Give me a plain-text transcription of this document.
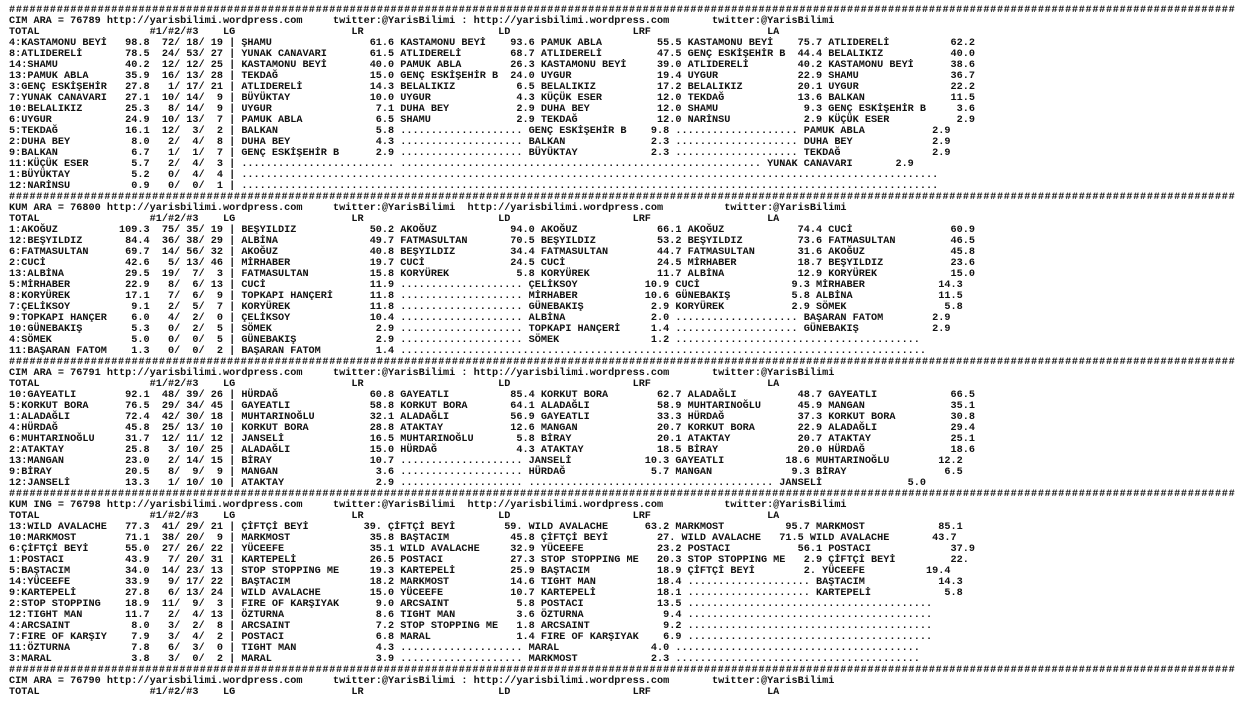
####################################################################################################################################################################################
CIM ARA = 76789 http://yarisbilimi.wordpress.com     twitter:@YarisBilimi : http://yarisbilimi.wordpress.com       twitter:@YarisBilimi
TOTAL                  #1/#2/#3    LG                   LR                      LD                    LRF                   LA
4:KASTAMONU BEYİ   98.8  72/ 18/ 19 | ŞHAMU                61.6 KASTAMONU BEYİ    93.6 PAMUK ABLA         55.5 KASTAMONU BEYİ    75.7 ATLIDERELİ          62.2
8:ATLIDERELİ       78.5  24/ 53/ 27 | YUNAK CANAVARI       61.5 ATLIDERELİ        68.7 ATLIDERELİ         47.5 GENÇ ESKİŞEHİR B  44.4 BELALIKIZ           40.0
14:SHAMU           40.2  12/ 12/ 25 | KASTAMONU BEYİ       40.0 PAMUK ABLA        26.3 KASTAMONU BEYİ     39.0 ATLIDERELİ        40.2 KASTAMONU BEYİ      38.6
13:PAMUK ABLA      35.9  16/ 13/ 28 | TEKDAĞ               15.0 GENÇ ESKİŞEHİR B  24.0 UYGUR              19.4 UYGUR             22.9 SHAMU               36.7
3:GENÇ ESKİŞEHİR   27.8   1/ 17/ 21 | ATLIDERELİ           14.3 BELALIKIZ          6.5 BELALIKIZ          17.2 BELALIKIZ         20.1 UYGUR               22.2
7:YUNAK CANAVARI   27.1  10/ 14/  9 | BÜYÜKTAY             10.0 UYGUR              4.3 KÜÇÜK ESER         12.0 TEKDAĞ            13.6 BALKAN              11.5
10:BELALIKIZ       25.3   8/ 14/  9 | UYGUR                 7.1 DUHA BEY           2.9 DUHA BEY           12.0 SHAMU              9.3 GENÇ ESKİŞEHİR B     3.6
6:UYGUR            24.9  10/ 13/  7 | PAMUK ABLA            6.5 SHAMU              2.9 TEKDAĞ             12.0 NARİNSU            2.9 KÜÇÜK ESER           2.9
5:TEKDAĞ           16.1  12/  3/  2 | BALKAN                5.8 .................... GENÇ ESKİŞEHİR B    9.8 .................... PAMUK ABLA           2.9
2:DUHA BEY          8.0   2/  4/  8 | DUHA BEY              4.3 .................... BALKAN              2.3 .................... DUHA BEY             2.9
9:BALKAN            6.7   1/  1/  7 | GENÇ ESKİŞEHİR B      2.9 .................... BÜYÜKTAY            2.3 .................... TEKDAĞ               2.9
11:KÜÇÜK ESER       5.7   2/  4/  3 | ......................... ........................................................... YUNAK CANAVARI       2.9
1:BÜYÜKTAY          5.2   0/  4/  4 | ..................................................................................................................
12:NARİNSU          0.9   0/  0/  1 | ..................................................................................................................
####################################################################################################################################################################################
KUM ARA = 76800 http://yarisbilimi.wordpress.com     twitter:@YarisBilimi  http://yarisbilimi.wordpress.com          twitter:@YarisBilimi
TOTAL                  #1/#2/#3    LG                   LR                      LD                    LRF                   LA
1:AKOĞUZ          109.3  75/ 35/ 19 | BEŞYILDIZ            50.2 AKOĞUZ            94.0 AKOĞUZ             66.1 AKOĞUZ            74.4 CUCİ                60.9
12:BEŞYILDIZ       84.4  36/ 38/ 29 | ALBİNA               49.7 FATMASULTAN       70.5 BEŞYILDIZ          53.2 BEŞYILDIZ         73.6 FATMASULTAN         46.5
6:FATMASULTAN      69.7  14/ 56/ 32 | AKOĞUZ               40.8 BEŞYILDIZ         34.4 FATMASULTAN        44.7 FATMASULTAN       31.6 AKOĞUZ              45.8
2:CUCİ             42.6   5/ 13/ 46 | MİRHABER             19.7 CUCİ              24.5 CUCİ               24.5 MİRHABER          18.7 BEŞYILDIZ           23.6
13:ALBİNA          29.5  19/  7/  3 | FATMASULTAN          15.8 KORYÜREK           5.8 KORYÜREK           11.7 ALBİNA            12.9 KORYÜREK            15.0
5:MİRHABER         22.9   8/  6/ 13 | CUCİ                 11.9 .................... ÇELİKSOY           10.9 CUCİ               9.3 MİRHABER            14.3
8:KORYÜREK         17.1   7/  6/  9 | TOPKAPI HANÇERİ      11.8 .................... MİRHABER           10.6 GÜNEBAKIŞ          5.8 ALBİNA              11.5
7:ÇELİKSOY          9.1   2/  5/  7 | KORYÜREK             11.8 .................... GÜNEBAKIŞ           2.9 KORYÜREK           2.9 SÖMEK                5.8
9:TOPKAPI HANÇER    6.0   4/  2/  0 | ÇELİKSOY             10.4 .................... ALBİNA              2.0 .................... BAŞARAN FATOM        2.9
10:GÜNEBAKIŞ        5.3   0/  2/  5 | SÖMEK                 2.9 .................... TOPKAPI HANÇERİ     1.4 .................... GÜNEBAKIŞ            2.9
4:SÖMEK             5.0   0/  0/  5 | GÜNEBAKIŞ             2.9 .................... SÖMEK               1.2 ........................................
11:BAŞARAN FATOM    1.3   0/  0/  2 | BAŞARAN FATOM         1.4 ......................................................................................
####################################################################################################################################################################################
CIM ARA = 76791 http://yarisbilimi.wordpress.com     twitter:@YarisBilimi : http://yarisbilimi.wordpress.com       twitter:@YarisBilimi
TOTAL                  #1/#2/#3    LG                   LR                      LD                    LRF                   LA
10:GAYEATLI        92.1  48/ 39/ 26 | HÜRDAĞ               60.8 GAYEATLI          85.4 KORKUT BORA        62.7 ALADAĞLI          48.7 GAYEATLI            66.5
5:KORKUT BORA      76.5  29/ 34/ 45 | GAYEATLI             58.8 KORKUT BORA       64.1 ALADAĞLI           58.9 MUHTARINOĞLU      45.9 MANGAN              35.1
1:ALADAĞLI         72.4  42/ 30/ 18 | MUHTARINOĞLU         32.1 ALADAĞLI          56.9 GAYEATLI           33.3 HÜRDAĞ            37.3 KORKUT BORA         30.8
4:HÜRDAĞ           45.8  25/ 13/ 10 | KORKUT BORA          28.8 ATAKTAY           12.6 MANGAN             20.7 KORKUT BORA       22.9 ALADAĞLI            29.4
6:MUHTARINOĞLU     31.7  12/ 11/ 12 | JANSELİ              16.5 MUHTARINOĞLU       5.8 BİRAY              20.1 ATAKTAY           20.7 ATAKTAY             25.1
2:ATAKTAY          25.8   3/ 10/ 25 | ALADAĞLI             15.0 HÜRDAĞ             4.3 ATAKTAY            18.5 BİRAY             20.0 HÜRDAĞ              18.6
13:MANGAN          23.0   2/ 14/ 15 | BİRAY                10.7 .................... JANSELİ            10.3 GAYEATLI          18.6 MUHTARINOĞLU        12.2
9:BİRAY            20.5   8/  9/  9 | MANGAN                3.6 .................... HÜRDAĞ              5.7 MANGAN             9.3 BİRAY                6.5
12:JANSELİ         13.3   1/ 10/ 10 | ATAKTAY               2.9 .................... ........................................ JANSELİ              5.0
####################################################################################################################################################################################
KUM ING = 76798 http://yarisbilimi.wordpress.com     twitter:@YarisBilimi  http://yarisbilimi.wordpress.com          twitter:@YarisBilimi
TOTAL                  #1/#2/#3    LG                   LR                      LD                    LRF                   LA
13:WILD AVALACHE   77.3  41/ 29/ 21 | ÇİFTÇİ BEYİ         39. ÇİFTÇİ BEYİ        59. WILD AVALACHE      63.2 MARKMOST          95.7 MARKMOST            85.1
10:MARKMOST        71.1  38/ 20/  9 | MARKMOST             35.8 BAŞTACIM          45.8 ÇİFTÇİ BEYİ        27. WILD AVALACHE   71.5 WILD AVALACHE       43.7
6:ÇİFTÇİ BEYİ      55.0  27/ 26/ 22 | YÜCEEFE              35.1 WILD AVALACHE     32.9 YÜCEEFE            23.2 POSTACI           56.1 POSTACI             37.9
1:POSTACI          43.9   7/ 20/ 31 | KARTEPELİ            26.5 POSTACI           27.3 STOP STOPPING ME   20.3 STOP STOPPING ME   2.9 ÇİFTÇİ BEYİ         22.
5:BAŞTACIM         34.0  14/ 23/ 13 | STOP STOPPING ME     19.3 KARTEPELİ         25.9 BAŞTACIM           18.9 ÇİFTÇİ BEYİ        2. YÜCEEFE          19.4
14:YÜCEEFE         33.9   9/ 17/ 22 | BAŞTACIM             18.2 MARKMOST          14.6 TIGHT MAN          18.4 .................... BAŞTACIM            14.3
9:KARTEPELİ        27.8   6/ 13/ 24 | WILD AVALACHE        15.0 YÜCEEFE           10.7 KARTEPELİ          18.1 .................... KARTEPELİ            5.8
2:STOP STOPPING    18.9  11/  9/  3 | FIRE OF KARŞIYAK      9.0 ARCSAINT           5.8 POSTACI            13.5 ........................................
12:TIGHT MAN       11.7   2/  4/ 13 | ÖZTURNA               8.6 TIGHT MAN          3.6 ÖZTURNA             9.4 ........................................
4:ARCSAINT          8.0   3/  2/  8 | ARCSAINT              7.2 STOP STOPPING ME   1.8 ARCSAINT            9.2 ........................................
7:FIRE OF KARŞIY    7.9   3/  4/  2 | POSTACI               6.8 MARAL              1.4 FIRE OF KARŞIYAK    6.9 ........................................
11:ÖZTURNA          7.8   6/  3/  0 | TIGHT MAN             4.3 .................... MARAL               4.0 ........................................
3:MARAL             3.8   3/  0/  2 | MARAL                 3.9 .................... MARKMOST            2.3 ........................................
####################################################################################################################################################################################
CIM ARA = 76790 http://yarisbilimi.wordpress.com     twitter:@YarisBilimi : http://yarisbilimi.wordpress.com       twitter:@YarisBilimi
TOTAL                  #1/#2/#3    LG                   LR                      LD                    LRF                   LA
